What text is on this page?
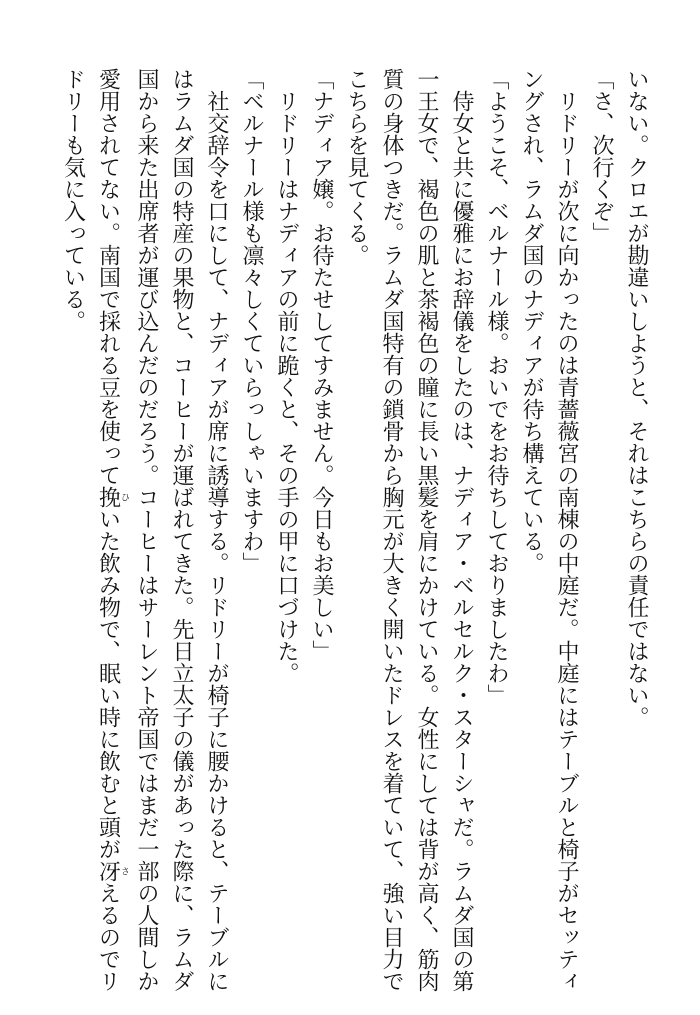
いない。クロエが勘違いしようと、それはこちらの責任ではない。
「さ、次行くぞ」
リドリーが次に向かったのは青薔薇宮の南棟の中庭だ。中庭にはテーブルと椅子がセッティ
ングされ、ラムダ国のナディアが待ち構えている。
「ようこそ、ベルナール様。おいでをお待ちしておりましたわ」
侍女と共に優雅にお辞儀をしたのは、ナディア・ベルセルク・スターシャだ。ラムダ国の第
一王女で、褐色の肌と茶褐色の瞳に長い黒髪を肩にかけている。女性にしては背が高く、筋肉
質の身体つきだ。ラムダ国特有の鎖骨から胸元が大きく開いたドレスを着ていて、強い目力で
こちらを見てくる。
「ナディア嬢。お待たせしてすみません。今日もお美しい」
リドリーはナディアの前に跪くと、その手の甲に口づけた。
「ベルナール様も凛々しくていらっしゃいますわ」
社交辞令を口にして、ナディアが席に誘導する。リドリーが椅子に腰かけると、テーブルに
はラムダ国の特産の果物と、コーヒーが運ばれてきた。先日立太子の儀があった際に、ラムダ
国から来た出席者が運び込んだのだろう。コーヒーはサーレント帝国ではまだ一部の人間しか
愛用されてない。南国で採れる豆を使って挽ひいた飲み物で、眠い時に飲むと頭が冴さえるのでリ
ドリーも気に入っている。
